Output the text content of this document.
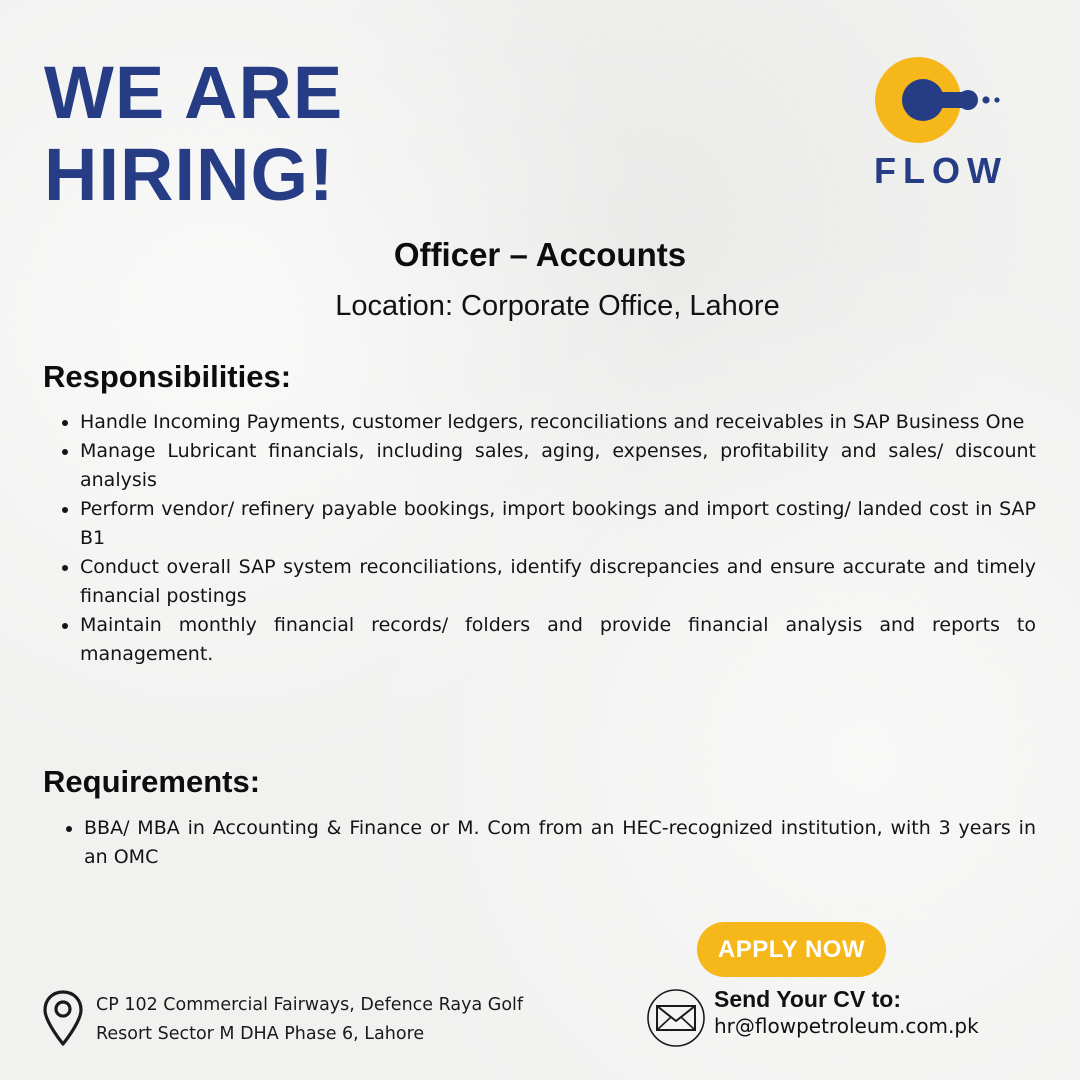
WE ARE
HIRING!	FLOW
Officer – Accounts
Location: Corporate Office, Lahore
Responsibilities:
• Handle Incoming Payments, customer ledgers, reconciliations and receivables in SAP Business One
• Manage Lubricant financials, including sales, aging, expenses, profitability and sales/ discount analysis
• Perform vendor/ refinery payable bookings, import bookings and import costing/ landed cost in SAP B1
• Conduct overall SAP system reconciliations, identify discrepancies and ensure accurate and timely financial postings
• Maintain monthly financial records/ folders and provide financial analysis and reports to management.
Requirements:
• BBA/ MBA in Accounting & Finance or M. Com from an HEC-recognized institution, with 3 years in an OMC
APPLY NOW
CP 102 Commercial Fairways, Defence Raya Golf
Resort Sector M DHA Phase 6, Lahore
Send Your CV to:
hr@flowpetroleum.com.pk
